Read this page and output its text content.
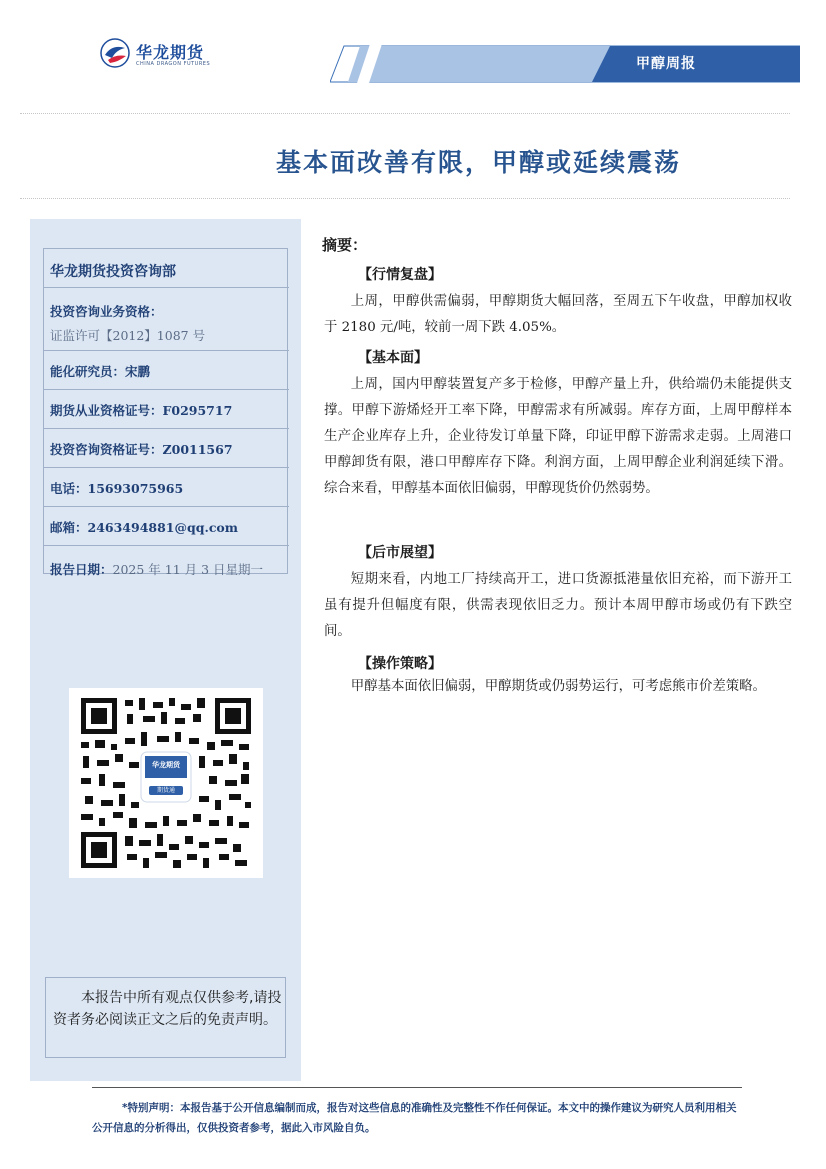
华龙期货
CHINA DRAGON FUTURES	甲醇周报
基本面改善有限，甲醇或延续震荡
华龙期货投资咨询部
投资咨询业务资格：
证监许可【2012】1087 号
能化研究员：宋鹏
期货从业资格证号：F0295717
投资咨询资格证号：Z0011567
电话：15693075965
邮箱：2463494881@qq.com
报告日期：2025 年 11 月 3 日星期一
华龙期货
期货通
本报告中所有观点仅供参考,请投资者务必阅读正文之后的免责声明。
摘要：
【行情复盘】
上周，甲醇供需偏弱，甲醇期货大幅回落，至周五下午收盘，甲醇加权收于 2180 元/吨，较前一周下跌 4.05%。
【基本面】
上周，国内甲醇装置复产多于检修，甲醇产量上升，供给端仍未能提供支撑。甲醇下游烯烃开工率下降，甲醇需求有所减弱。库存方面，上周甲醇样本生产企业库存上升，企业待发订单量下降，印证甲醇下游需求走弱。上周港口甲醇卸货有限，港口甲醇库存下降。利润方面，上周甲醇企业利润延续下滑。综合来看，甲醇基本面依旧偏弱，甲醇现货价仍然弱势。
【后市展望】
短期来看，内地工厂持续高开工，进口货源抵港量依旧充裕，而下游开工虽有提升但幅度有限，供需表现依旧乏力。预计本周甲醇市场或仍有下跌空间。
【操作策略】
甲醇基本面依旧偏弱，甲醇期货或仍弱势运行，可考虑熊市价差策略。
*特别声明：本报告基于公开信息编制而成，报告对这些信息的准确性及完整性不作任何保证。本文中的操作建议为研究人员利用相关公开信息的分析得出，仅供投资者参考，据此入市风险自负。
